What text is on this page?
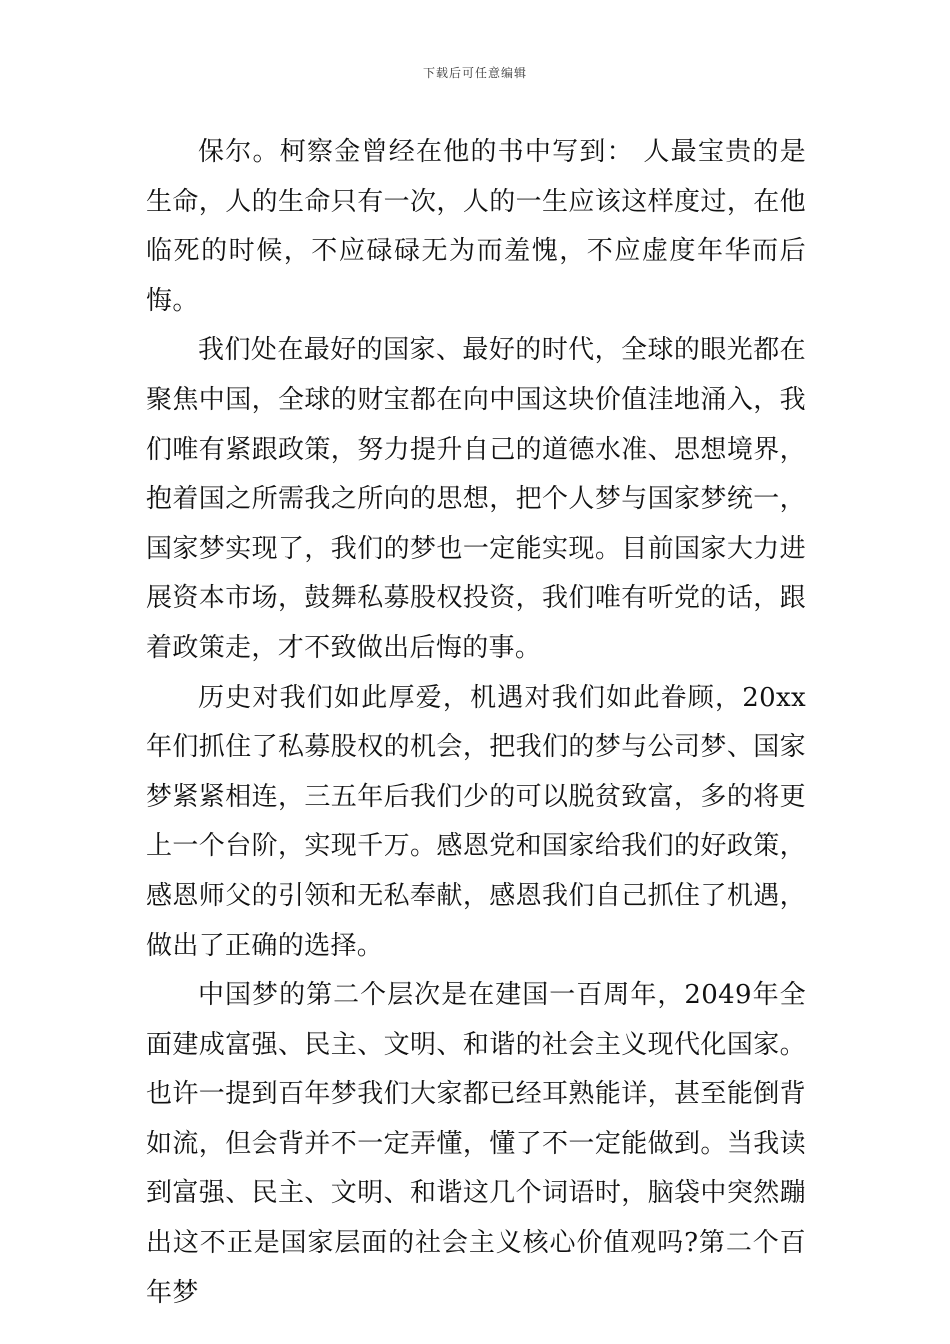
下载后可任意编辑

保尔。柯察金曾经在他的书中写到： 人最宝贵的是生命，人的生命只有一次，人的一生应该这样度过，在他临死的时候，不应碌碌无为而羞愧，不应虚度年华而后悔。

我们处在最好的国家、最好的时代，全球的眼光都在聚焦中国，全球的财宝都在向中国这块价值洼地涌入，我们唯有紧跟政策，努力提升自己的道德水准、思想境界，抱着国之所需我之所向的思想，把个人梦与国家梦统一，国家梦实现了，我们的梦也一定能实现。目前国家大力进展资本市场，鼓舞私募股权投资，我们唯有听党的话，跟着政策走，才不致做出后悔的事。

历史对我们如此厚爱，机遇对我们如此眷顾，20xx年们抓住了私募股权的机会，把我们的梦与公司梦、国家梦紧紧相连，三五年后我们少的可以脱贫致富，多的将更上一个台阶，实现千万。感恩党和国家给我们的好政策，感恩师父的引领和无私奉献，感恩我们自己抓住了机遇，做出了正确的选择。

中国梦的第二个层次是在建国一百周年，2049年全面建成富强、民主、文明、和谐的社会主义现代化国家。也许一提到百年梦我们大家都已经耳熟能详，甚至能倒背如流，但会背并不一定弄懂，懂了不一定能做到。当我读到富强、民主、文明、和谐这几个词语时，脑袋中突然蹦出这不正是国家层面的社会主义核心价值观吗?第二个百年梦
